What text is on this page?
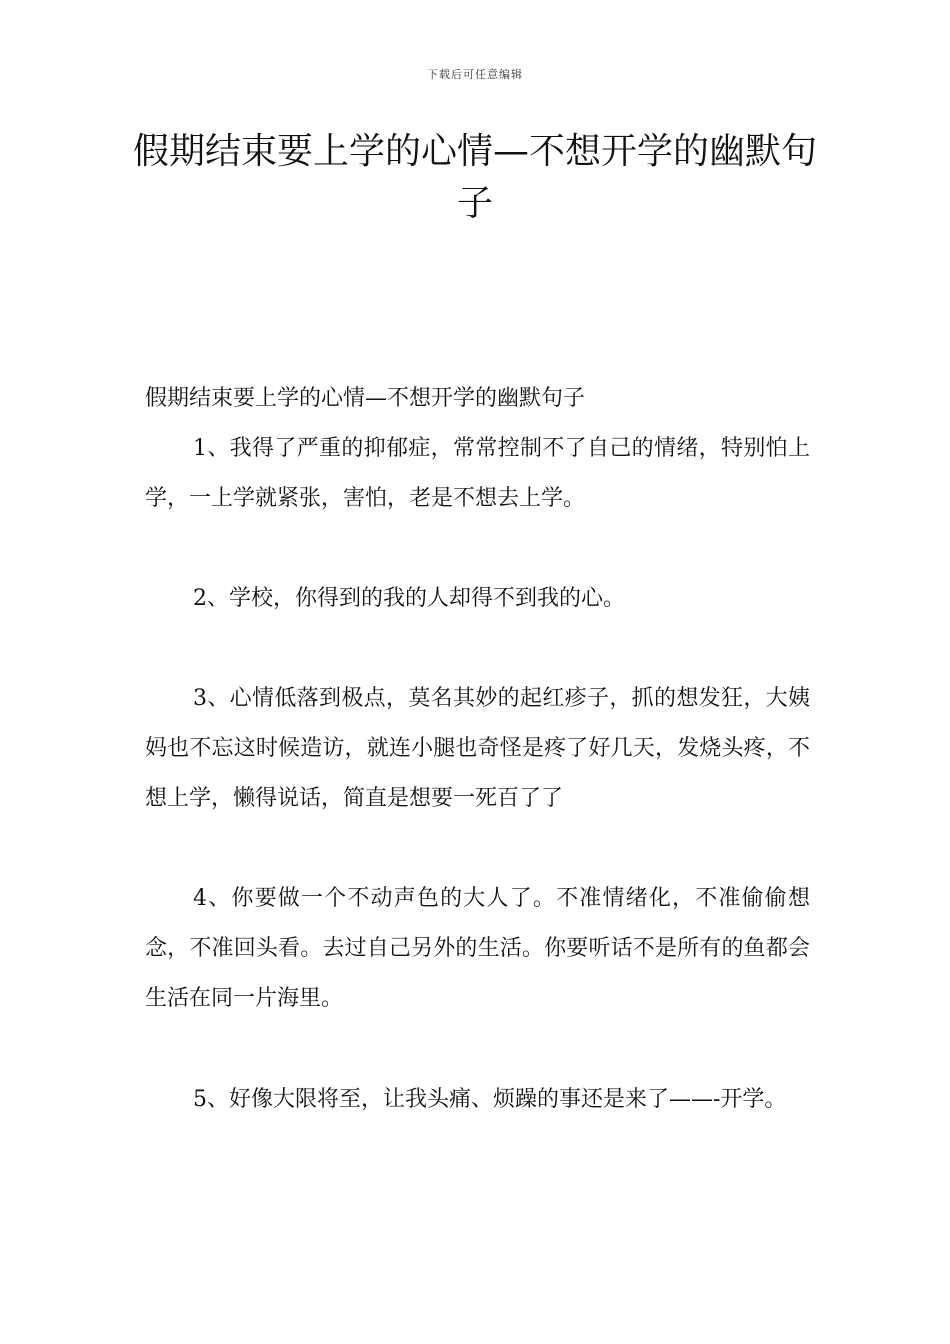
下载后可任意编辑
假期结束要上学的心情—不想开学的幽默句子

假期结束要上学的心情—不想开学的幽默句子

1、我得了严重的抑郁症，常常控制不了自己的情绪，特别怕上学，一上学就紧张，害怕，老是不想去上学。

2、学校，你得到的我的人却得不到我的心。

3、心情低落到极点，莫名其妙的起红疹子，抓的想发狂，大姨妈也不忘这时候造访，就连小腿也奇怪是疼了好几天，发烧头疼，不想上学，懒得说话，简直是想要一死百了了

4、你要做一个不动声色的大人了。不准情绪化，不准偷偷想念，不准回头看。去过自己另外的生活。你要听话不是所有的鱼都会生活在同一片海里。

5、好像大限将至，让我头痛、烦躁的事还是来了——-开学。
